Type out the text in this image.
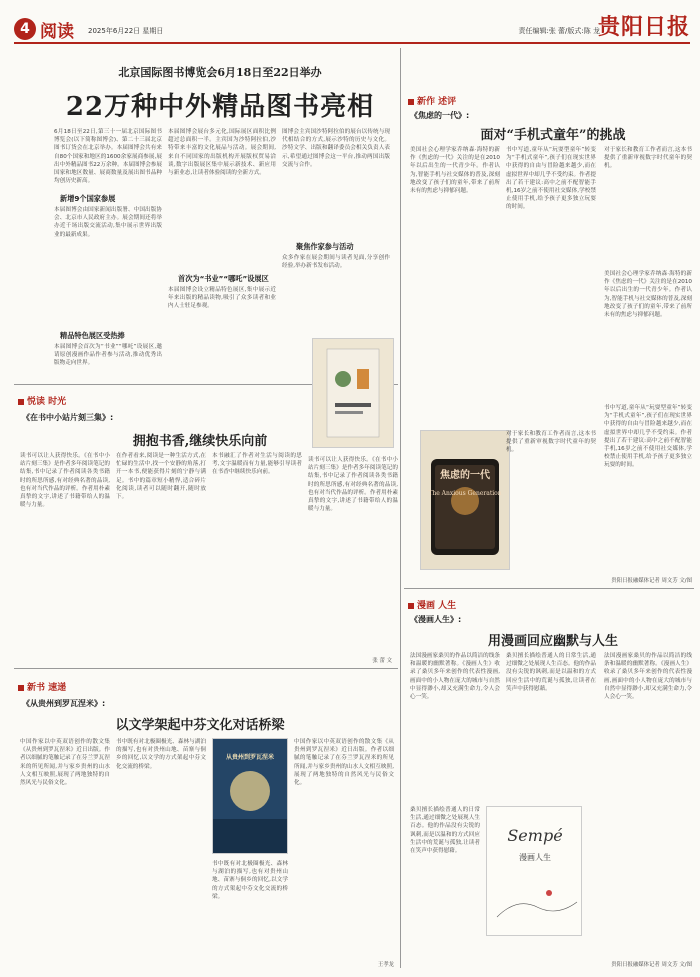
4 阅读 2025年6月22日 星期日	责任编辑:张 蕾/版式:陈 龙
贵阳日报
北京国际图书博览会6月18日至22日举办
22万种中外精品图书亮相
6月18日至22日,第三十一届北京国际图书博览会(以下简称图博会)、第二十三届北京图书订货会在北京举办。本届图博会共有来自80个国家和地区的1600余家展商参展,展出中外精品图书22万余种。本届图博会参展国家和地区数量、展商数量及展出图书品种均创历史新高。
新增9个国家参展
本届图博会由国家新闻出版署、中国出版协会、北京市人民政府主办。展会期间还将举办近千场出版交流活动,集中展示世界出版业的最新成果。
精品特色展区受热捧
本届图博会首次为“书业”“哪吒”设展区,邀请原创漫画作品作者参与活动,推动优秀出版物走向世界。
本届图博会展台多元化,国际展区面积比例超过总面积一半。主宾国为沙特阿拉伯,沙特带来丰富的文化展品与活动。展会期间,来自不同国家的出版机构开展版权贸易洽谈,数字出版展区集中展示新技术、新应用与新业态,让读者体验阅读的全新方式。
首次为“书业”“哪吒”设展区
本届图博会设立精品特色展区,集中展示近年来出版的精品读物,吸引了众多读者和业内人士驻足参观。
图博会主宾国沙特阿拉伯的展台以传统与现代相结合的方式,展示沙特的历史与文化。沙特文学、出版和翻译委员会相关负责人表示,希望通过图博会这一平台,推动两国出版交流与合作。
聚焦作家参与活动
众多作家在展会期间与读者见面,分享创作经验,举办新书发布活动。
新作 述评
《焦虑的一代》:
面对“手机式童年”的挑战
美国社会心理学家乔纳森·海特的新作《焦虑的一代》关注的是在2010年以后出生的一代青少年。作者认为,智能手机与社交媒体的普及,深刻地改变了孩子们的童年,带来了前所未有的焦虑与抑郁问题。
书中写道,童年从“玩耍型童年”转变为“手机式童年”,孩子们在现实世界中获得的自由与冒险越来越少,而在虚拟世界中却几乎不受约束。作者提出了若干建议:高中之前不配智能手机,16岁之前不使用社交媒体,学校禁止使用手机,给予孩子更多独立玩耍的时间。
对于家长和教育工作者而言,这本书提供了重新审视数字时代童年的契机。
美国社会心理学家乔纳森·海特的新作《焦虑的一代》关注的是在2010年以后出生的一代青少年。作者认为,智能手机与社交媒体的普及,深刻地改变了孩子们的童年,带来了前所未有的焦虑与抑郁问题。
焦虑的一代
The Anxious Generation
对于家长和教育工作者而言,这本书提供了重新审视数字时代童年的契机。
书中写道,童年从“玩耍型童年”转变为“手机式童年”,孩子们在现实世界中获得的自由与冒险越来越少,而在虚拟世界中却几乎不受约束。作者提出了若干建议:高中之前不配智能手机,16岁之前不使用社交媒体,学校禁止使用手机,给予孩子更多独立玩耍的时间。
贵阳日报融媒体记者 周文芳 文/图
悦读 时光
《在书中小站片刻三集》:
拥抱书香,继续快乐向前
读书可以让人获得快乐。《在书中小站片刻三集》是作者多年阅读笔记的结集,书中记录了作者阅读各类书籍时的所思所感,有对经典名著的品读,也有对当代作品的评析。作者用朴素真挚的文字,讲述了书籍带给人的温暖与力量。
在作者看来,阅读是一种生活方式,在忙碌的生活中,找一个安静的角落,打开一本书,便能获得片刻的宁静与满足。书中的篇章短小精悍,适合碎片化阅读,读者可以随时翻开,随时放下。
本书融汇了作者对生活与阅读的思考,文字温暖而有力量,能够引导读者在书香中继续快乐向前。
读书可以让人获得快乐。《在书中小站片刻三集》是作者多年阅读笔记的结集,书中记录了作者阅读各类书籍时的所思所感,有对经典名著的品读,也有对当代作品的评析。作者用朴素真挚的文字,讲述了书籍带给人的温暖与力量。
张 蕾 文
新书 速递
《从贵州到罗瓦涅米》:
以文学架起中芬文化对话桥梁
中国作家以中英双语创作的散文集《从贵州到罗瓦涅米》近日出版。作者以细腻的笔触记录了在芬兰罗瓦涅米的所见所闻,并与家乡贵州的山水人文相互映照,展现了两地独特的自然风光与民俗文化。
书中既有对北极圈极光、森林与湖泊的描写,也有对贵州山地、苗寨与侗乡的回忆,以文学的方式架起中芬文化交流的桥梁。
从贵州到罗瓦涅米
书中既有对北极圈极光、森林与湖泊的描写,也有对贵州山地、苗寨与侗乡的回忆,以文学的方式架起中芬文化交流的桥梁。
中国作家以中英双语创作的散文集《从贵州到罗瓦涅米》近日出版。作者以细腻的笔触记录了在芬兰罗瓦涅米的所见所闻,并与家乡贵州的山水人文相互映照,展现了两地独特的自然风光与民俗文化。
王孝龙
漫画 人生
《漫画人生》:
用漫画回应幽默与人生
法国漫画家桑贝的作品以简洁的线条和温暖的幽默著称。《漫画人生》收录了桑贝多年来创作的代表性漫画,画面中的小人物在庞大的城市与自然中显得渺小,却又充满生命力,令人会心一笑。
桑贝擅长描绘普通人的日常生活,通过细微之处展现人生百态。他的作品没有尖锐的讽刺,而是以温和的方式回应生活中的荒诞与孤独,让读者在笑声中获得慰藉。
法国漫画家桑贝的作品以简洁的线条和温暖的幽默著称。《漫画人生》收录了桑贝多年来创作的代表性漫画,画面中的小人物在庞大的城市与自然中显得渺小,却又充满生命力,令人会心一笑。
Sempé
漫画人生
桑贝擅长描绘普通人的日常生活,通过细微之处展现人生百态。他的作品没有尖锐的讽刺,而是以温和的方式回应生活中的荒诞与孤独,让读者在笑声中获得慰藉。
贵阳日报融媒体记者 周文芳 文/图
